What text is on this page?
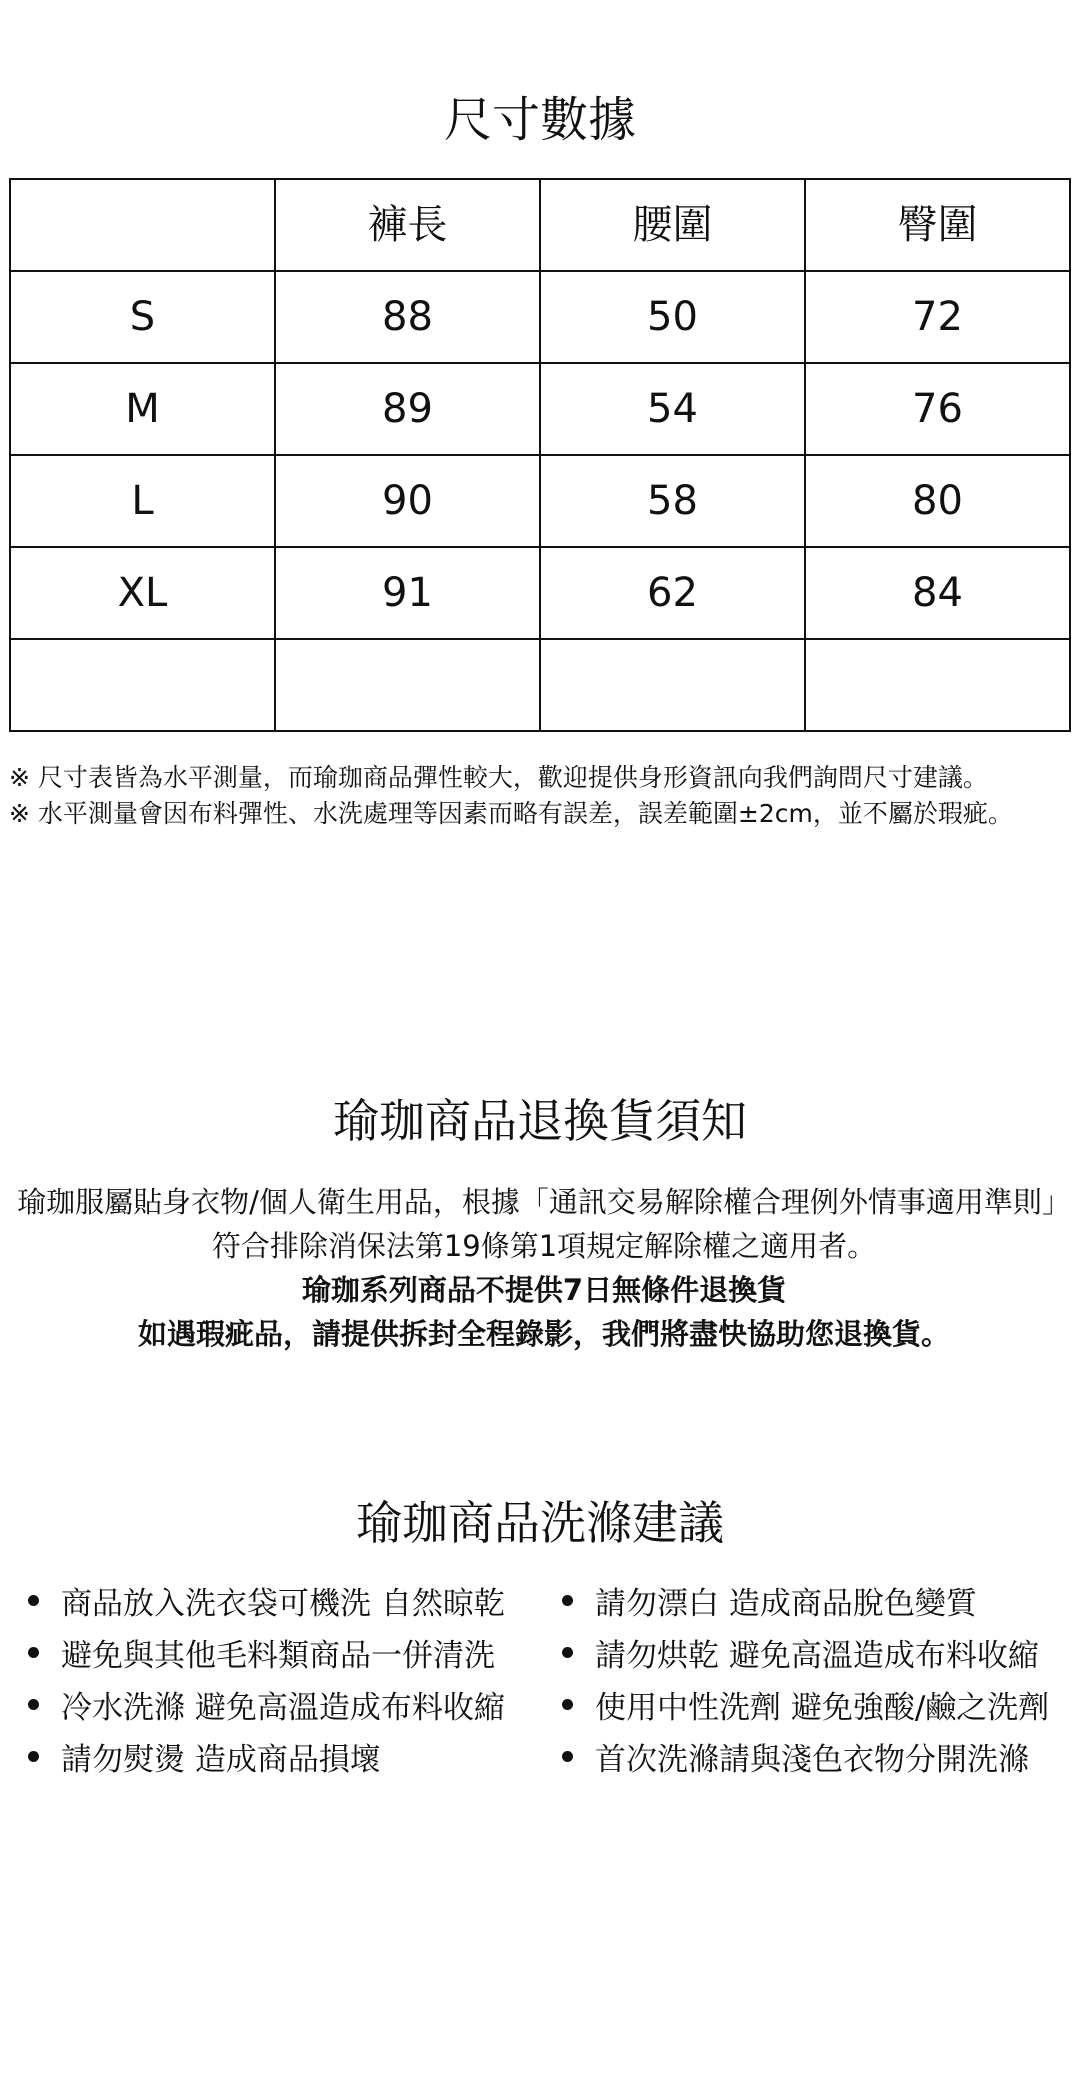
尺寸數據
	褲長	腰圍	臀圍
S	88	50	72
M	89	54	76
L	90	58	80
XL	91	62	84

※ 尺寸表皆為水平測量，而瑜珈商品彈性較大，歡迎提供身形資訊向我們詢問尺寸建議。
※ 水平測量會因布料彈性、水洗處理等因素而略有誤差，誤差範圍±2cm，並不屬於瑕疵。
瑜珈商品退換貨須知

瑜珈服屬貼身衣物/個人衛生用品，根據「通訊交易解除權合理例外情事適用準則」符合排除消保法第19條第1項規定解除權之適用者。

瑜珈系列商品不提供7日無條件退換貨

如遇瑕疵品，請提供拆封全程錄影，我們將盡快協助您退換貨。

瑜珈商品洗滌建議
商品放入洗衣袋可機洗 自然晾乾
避免與其他毛料類商品一併清洗
冷水洗滌 避免高溫造成布料收縮
請勿熨燙 造成商品損壞
請勿漂白 造成商品脫色變質
請勿烘乾 避免高溫造成布料收縮
使用中性洗劑 避免強酸/鹼之洗劑
首次洗滌請與淺色衣物分開洗滌
